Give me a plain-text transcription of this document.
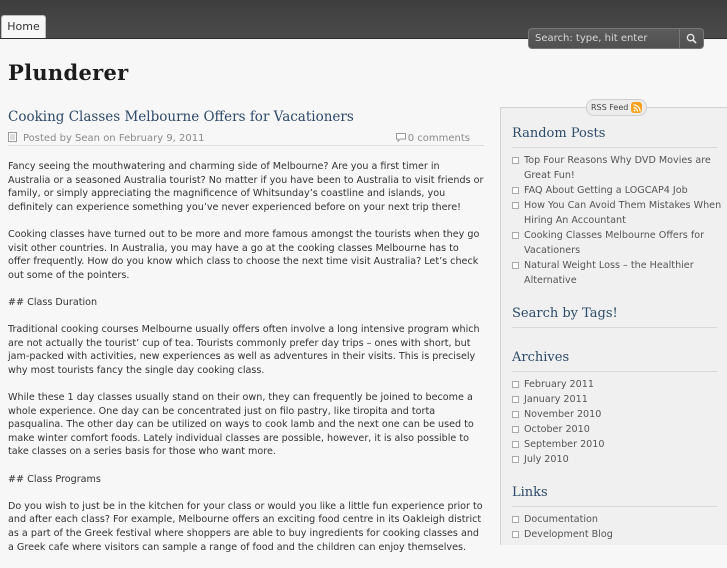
Home
Search: type, hit enter
Plunderer
Cooking Classes Melbourne Offers for Vacationers
Posted by Sean on February 9, 2011	0 comments

Fancy seeing the mouthwatering and charming side of Melbourne? Are you a first timer in Australia or a seasoned Australia tourist? No matter if you have been to Australia to visit friends or family, or simply appreciating the magnificence of Whitsunday’s coastline and islands, you definitely can experience something you’ve never experienced before on your next trip there!

Cooking classes have turned out to be more and more famous amongst the tourists when they go visit other countries. In Australia, you may have a go at the cooking classes Melbourne has to offer frequently. How do you know which class to choose the next time visit Australia? Let’s check out some of the pointers.

## Class Duration

Traditional cooking courses Melbourne usually offers often involve a long intensive program which are not actually the tourist’ cup of tea. Tourists commonly prefer day trips – ones with short, but jam-packed with activities, new experiences as well as adventures in their visits. This is precisely why most tourists fancy the single day cooking class.

While these 1 day classes usually stand on their own, they can frequently be joined to become a whole experience. One day can be concentrated just on filo pastry, like tiropita and torta pasqualina. The other day can be utilized on ways to cook lamb and the next one can be used to make winter comfort foods. Lately individual classes are possible, however, it is also possible to take classes on a series basis for those who want more.

## Class Programs

Do you wish to just be in the kitchen for your class or would you like a little fun experience prior to and after each class? For example, Melbourne offers an exciting food centre in its Oakleigh district as a part of the Greek festival where shoppers are able to buy ingredients for cooking classes and a Greek cafe where visitors can sample a range of food and the children can enjoy themselves.

RSS Feed
Random Posts
Top Four Reasons Why DVD Movies are Great Fun!
FAQ About Getting a LOGCAP4 Job
How You Can Avoid Them Mistakes When Hiring An Accountant
Cooking Classes Melbourne Offers for Vacationers
Natural Weight Loss – the Healthier Alternative
Search by Tags!
Archives
February 2011
January 2011
November 2010
October 2010
September 2010
July 2010
Links
Documentation
Development Blog
